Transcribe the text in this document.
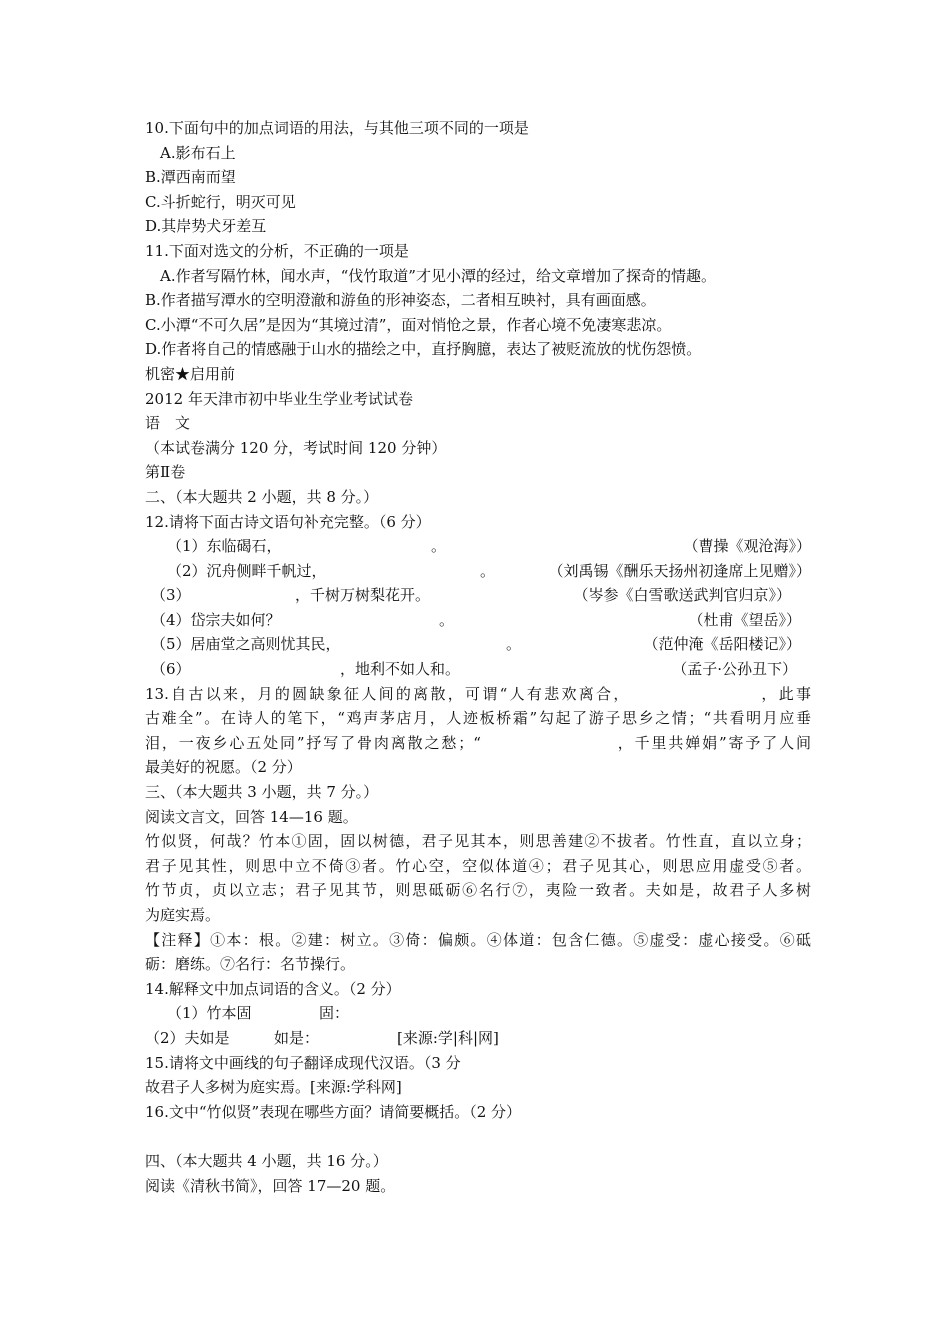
10.下面句中的加点词语的用法，与其他三项不同的一项是
A.影布石上
B.潭西南而望
C.斗折蛇行，明灭可见
D.其岸势犬牙差互
11.下面对选文的分析，不正确的一项是
A.作者写隔竹林，闻水声，“伐竹取道”才见小潭的经过，给文章增加了探奇的情趣。
B.作者描写潭水的空明澄澈和游鱼的形神姿态，二者相互映衬，具有画面感。
C.小潭“不可久居”是因为“其境过清”，面对悄怆之景，作者心境不免凄寒悲凉。
D.作者将自己的情感融于山水的描绘之中，直抒胸臆，表达了被贬流放的忧伤怨愤。
机密★启用前
2012 年天津市初中毕业生学业考试试卷
语　文
（本试卷满分 120 分，考试时间 120 分钟）
第Ⅱ卷
二、（本大题共 2 小题，共 8 分。）
12.请将下面古诗文语句补充完整。（6 分）
（1）东临碣石，	。	（曹操《观沧海》）
（2）沉舟侧畔千帆过，	。	（刘禹锡《酬乐天扬州初逢席上见赠》）
（3）	，千树万树梨花开。	（岑参《白雪歌送武判官归京》）
（4）岱宗夫如何？	。	（杜甫《望岳》）
（5）居庙堂之高则忧其民，	。	（范仲淹《岳阳楼记》）
（6）	，地利不如人和。	（孟子·公孙丑下）
13.自古以来，月的圆缺象征人间的离散，可谓“人有悲欢离合，　　　　　　　　，此事
古难全”。在诗人的笔下，“鸡声茅店月，人迹板桥霜”勾起了游子思乡之情；“共看明月应垂
泪，一夜乡心五处同”抒写了骨肉离散之愁；“　　　　　　　　，千里共婵娟”寄予了人间
最美好的祝愿。（2 分）
三、（本大题共 3 小题，共 7 分。）
阅读文言文，回答 14—16 题。
竹似贤，何哉？竹本①固，固以树德，君子见其本，则思善建②不拔者。竹性直，直以立身；
君子见其性，则思中立不倚③者。竹心空，空似体道④；君子见其心，则思应用虚受⑤者。
竹节贞，贞以立志；君子见其节，则思砥砺⑥名行⑦，夷险一致者。夫如是，故君子人多树
为庭实焉。
【注释】①本：根。②建：树立。③倚：偏颇。④体道：包含仁德。⑤虚受：虚心接受。⑥砥
砺：磨练。⑦名行：名节操行。
14.解释文中加点词语的含义。（2 分）
（1）竹本固	固：
（2）夫如是	如是：	[来源:学|科|网]
15.请将文中画线的句子翻译成现代汉语。（3 分
故君子人多树为庭实焉。[来源:学科网]
16.文中“竹似贤”表现在哪些方面？请简要概括。（2 分）
四、（本大题共 4 小题，共 16 分。）
阅读《清秋书简》，回答 17—20 题。
